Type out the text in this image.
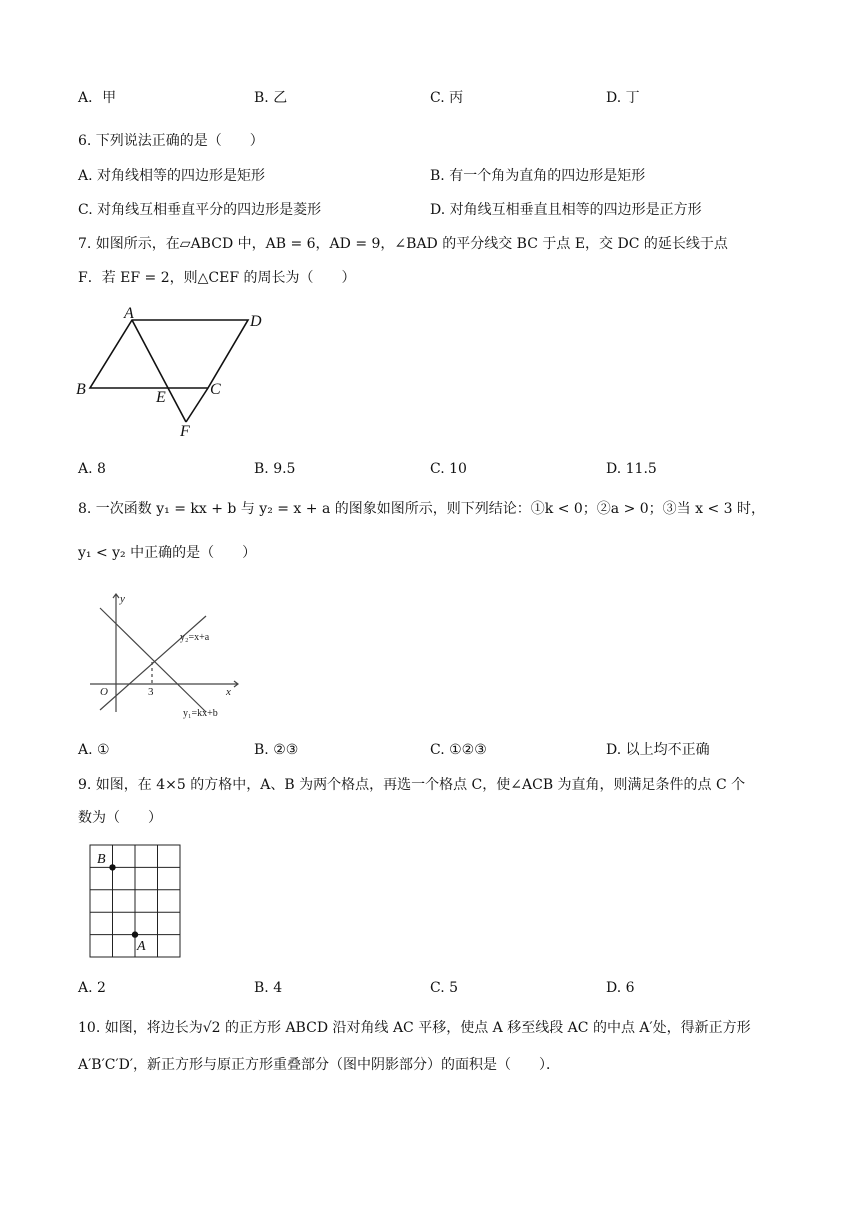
A．甲	B. 乙	C. 丙	D. 丁
6. 下列说法正确的是（　　）
A. 对角线相等的四边形是矩形	B. 有一个角为直角的四边形是矩形
C. 对角线互相垂直平分的四边形是菱形	D. 对角线互相垂直且相等的四边形是正方形
7. 如图所示，在▱ABCD 中，AB = 6，AD = 9，∠BAD 的平分线交 BC 于点 E，交 DC 的延长线于点
F．若 EF = 2，则△CEF 的周长为（　　）
A	D
B	E	C
F
A. 8	B. 9.5	C. 10	D. 11.5
8. 一次函数 y₁ = kx + b 与 y₂ = x + a 的图象如图所示，则下列结论：①k < 0；②a > 0；③当 x < 3 时，
y₁ < y₂ 中正确的是（　　）
y
O	3	x
y₂=x+a
y₁=kx+b
A. ①	B. ②③	C. ①②③	D. 以上均不正确
9. 如图，在 4×5 的方格中，A、B 为两个格点，再选一个格点 C，使∠ACB 为直角，则满足条件的点 C 个
数为（　　）
B
A
A. 2	B. 4	C. 5	D. 6
10. 如图，将边长为√2 的正方形 ABCD 沿对角线 AC 平移，使点 A 移至线段 AC 的中点 A′处，得新正方形
A′B′C′D′，新正方形与原正方形重叠部分（图中阴影部分）的面积是（　　）．
